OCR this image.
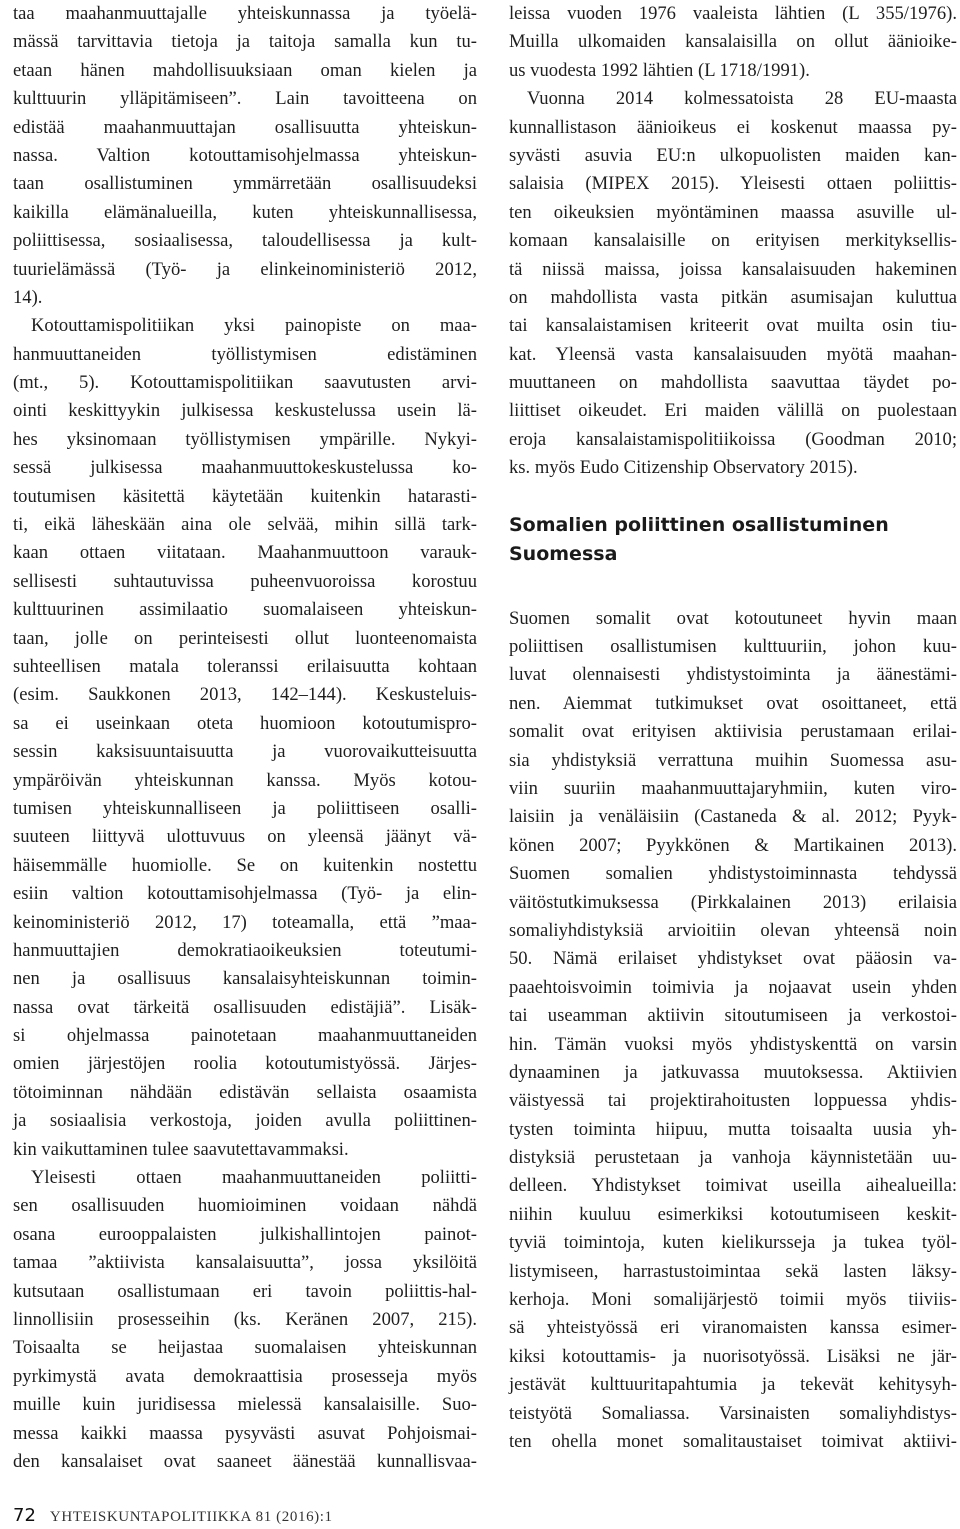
taa maahanmuuttajalle yhteiskunnassa ja työelä-
mässä tarvittavia tietoja ja taitoja samalla kun tu-
etaan hänen mahdollisuuksiaan oman kielen ja
kulttuurin ylläpitämiseen”. Lain tavoitteena on
edistää maahanmuuttajan osallisuutta yhteiskun-
nassa. Valtion kotouttamisohjelmassa yhteiskun-
taan osallistuminen ymmärretään osallisuudeksi
kaikilla elämänalueilla, kuten yhteiskunnallisessa,
poliittisessa, sosiaalisessa, taloudellisessa ja kult-
tuurielämässä (Työ- ja elinkeinoministeriö 2012,
14).
Kotouttamispolitiikan yksi painopiste on maa-
hanmuuttaneiden työllistymisen edistäminen
(mt., 5). Kotouttamispolitiikan saavutusten arvi-
ointi keskittyykin julkisessa keskustelussa usein lä-
hes yksinomaan työllistymisen ympärille. Nykyi-
sessä julkisessa maahanmuuttokeskustelussa ko-
toutumisen käsitettä käytetään kuitenkin hatarasti-
ti, eikä läheskään aina ole selvää, mihin sillä tark-
kaan ottaen viitataan. Maahanmuuttoon varauk-
sellisesti suhtautuvissa puheenvuoroissa korostuu
kulttuurinen assimilaatio suomalaiseen yhteiskun-
taan, jolle on perinteisesti ollut luonteenomaista
suhteellisen matala toleranssi erilaisuutta kohtaan
(esim. Saukkonen 2013, 142–144). Keskusteluis-
sa ei useinkaan oteta huomioon kotoutumispro-
sessin kaksisuuntaisuutta ja vuorovaikutteisuutta
ympäröivän yhteiskunnan kanssa. Myös kotou-
tumisen yhteiskunnalliseen ja poliittiseen osalli-
suuteen liittyvä ulottuvuus on yleensä jäänyt vä-
häisemmälle huomiolle. Se on kuitenkin nostettu
esiin valtion kotouttamisohjelmassa (Työ- ja elin-
keinoministeriö 2012, 17) toteamalla, että ”maa-
hanmuuttajien demokratiaoikeuksien toteutumi-
nen ja osallisuus kansalaisyhteiskunnan toimin-
nassa ovat tärkeitä osallisuuden edistäjiä”. Lisäk-
si ohjelmassa painotetaan maahanmuuttaneiden
omien järjestöjen roolia kotoutumistyössä. Järjes-
tötoiminnan nähdään edistävän sellaista osaamista
ja sosiaalisia verkostoja, joiden avulla poliittinen-
kin vaikuttaminen tulee saavutettavammaksi.
Yleisesti ottaen maahanmuuttaneiden poliitti-
sen osallisuuden huomioiminen voidaan nähdä
osana eurooppalaisten julkishallintojen painot-
tamaa ”aktiivista kansalaisuutta”, jossa yksilöitä
kutsutaan osallistumaan eri tavoin poliittis-hal-
linnollisiin prosesseihin (ks. Keränen 2007, 215).
Toisaalta se heijastaa suomalaisen yhteiskunnan
pyrkimystä avata demokraattisia prosesseja myös
muille kuin juridisessa mielessä kansalaisille. Suo-
messa kaikki maassa pysyvästi asuvat Pohjoismai-
den kansalaiset ovat saaneet äänestää kunnallisvaa-
leissa vuoden 1976 vaaleista lähtien (L 355/1976).
Muilla ulkomaiden kansalaisilla on ollut äänioike-
us vuodesta 1992 lähtien (L 1718/1991).
Vuonna 2014 kolmessatoista 28 EU-maasta
kunnallistason äänioikeus ei koskenut maassa py-
syvästi asuvia EU:n ulkopuolisten maiden kan-
salaisia (MIPEX 2015). Yleisesti ottaen poliittis-
ten oikeuksien myöntäminen maassa asuville ul-
komaan kansalaisille on erityisen merkityksellis-
tä niissä maissa, joissa kansalaisuuden hakeminen
on mahdollista vasta pitkän asumisajan kuluttua
tai kansalaistamisen kriteerit ovat muilta osin tiu-
kat. Yleensä vasta kansalaisuuden myötä maahan-
muuttaneen on mahdollista saavuttaa täydet po-
liittiset oikeudet. Eri maiden välillä on puolestaan
eroja kansalaistamispolitiikoissa (Goodman 2010;
ks. myös Eudo Citizenship Observatory 2015).
Somalien poliittinen osallistuminen
Suomessa
Suomen somalit ovat kotoutuneet hyvin maan
poliittisen osallistumisen kulttuuriin, johon kuu-
luvat olennaisesti yhdistystoiminta ja äänestämi-
nen. Aiemmat tutkimukset ovat osoittaneet, että
somalit ovat erityisen aktiivisia perustamaan erilai-
sia yhdistyksiä verrattuna muihin Suomessa asu-
viin suuriin maahanmuuttajaryhmiin, kuten viro-
laisiin ja venäläisiin (Castaneda & al. 2012; Pyyk-
könen 2007; Pyykkönen & Martikainen 2013).
Suomen somalien yhdistystoiminnasta tehdyssä
väitöstutkimuksessa (Pirkkalainen 2013) erilaisia
somaliyhdistyksiä arvioitiin olevan yhteensä noin
50. Nämä erilaiset yhdistykset ovat pääosin va-
paaehtoisvoimin toimivia ja nojaavat usein yhden
tai useamman aktiivin sitoutumiseen ja verkostoi-
hin. Tämän vuoksi myös yhdistyskenttä on varsin
dynaaminen ja jatkuvassa muutoksessa. Aktiivien
väistyessä tai projektirahoitusten loppuessa yhdis-
tysten toiminta hiipuu, mutta toisaalta uusia yh-
distyksiä perustetaan ja vanhoja käynnistetään uu-
delleen. Yhdistykset toimivat useilla aihealueilla:
niihin kuuluu esimerkiksi kotoutumiseen keskit-
tyviä toimintoja, kuten kielikursseja ja tukea työl-
listymiseen, harrastustoimintaa sekä lasten läksy-
kerhoja. Moni somalijärjestö toimii myös tiiviis-
sä yhteistyössä eri viranomaisten kanssa esimer-
kiksi kotouttamis- ja nuorisotyössä. Lisäksi ne jär-
jestävät kulttuuritapahtumia ja tekevät kehitysyh-
teistyötä Somaliassa. Varsinaisten somaliyhdistys-
ten ohella monet somalitaustaiset toimivat aktiivi-
72 YHTEISKUNTAPOLITIIKKA 81 (2016):1
